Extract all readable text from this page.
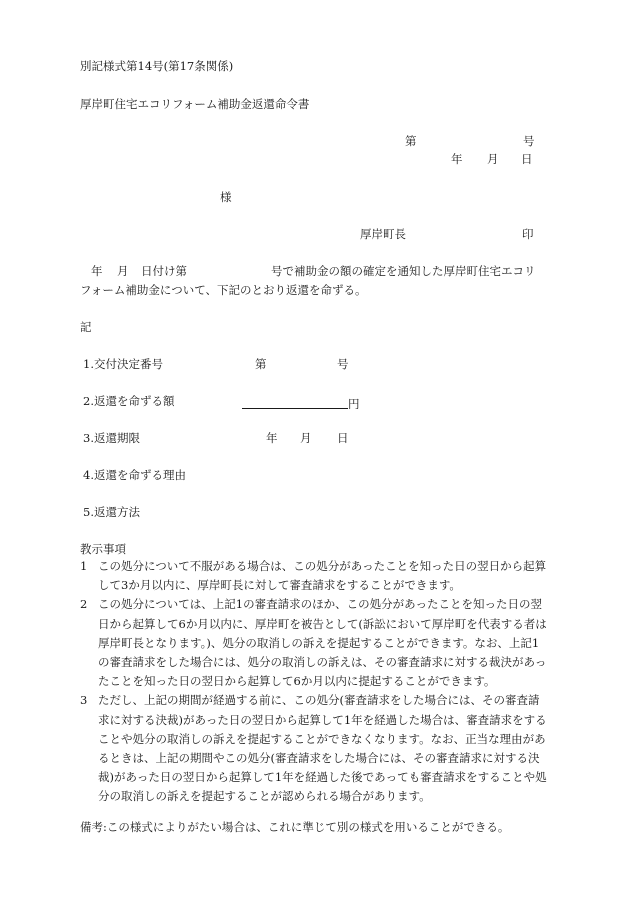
別記様式第14号(第17条関係)
厚岸町住宅エコリフォーム補助金返還命令書
第	号
年 月 日
様
厚岸町長	印
年 月 日付け第	号で補助金の額の確定を通知した厚岸町住宅エコリ
フォーム補助金について、下記のとおり返還を命ずる。
記
1.交付決定番号	第	号
2.返還を命ずる額	円
3.返還期限	年 月 日
4.返還を命ずる理由
5.返還方法
教示事項

1 この処分について不服がある場合は、この処分があったことを知った日の翌日から起算して3か月以内に、厚岸町長に対して審査請求をすることができます。

2 この処分については、上記1の審査請求のほか、この処分があったことを知った日の翌日から起算して6か月以内に、厚岸町を被告として(訴訟において厚岸町を代表する者は厚岸町長となります。)、処分の取消しの訴えを提起することができます。なお、上記1の審査請求をした場合には、処分の取消しの訴えは、その審査請求に対する裁決があったことを知った日の翌日から起算して6か月以内に提起することができます。

3 ただし、上記の期間が経過する前に、この処分(審査請求をした場合には、その審査請求に対する決裁)があった日の翌日から起算して1年を経過した場合は、審査請求をすることや処分の取消しの訴えを提起することができなくなります。なお、正当な理由があるときは、上記の期間やこの処分(審査請求をした場合には、その審査請求に対する決裁)があった日の翌日から起算して1年を経過した後であっても審査請求をすることや処分の取消しの訴えを提起することが認められる場合があります。

備考:この様式によりがたい場合は、これに準じて別の様式を用いることができる。
